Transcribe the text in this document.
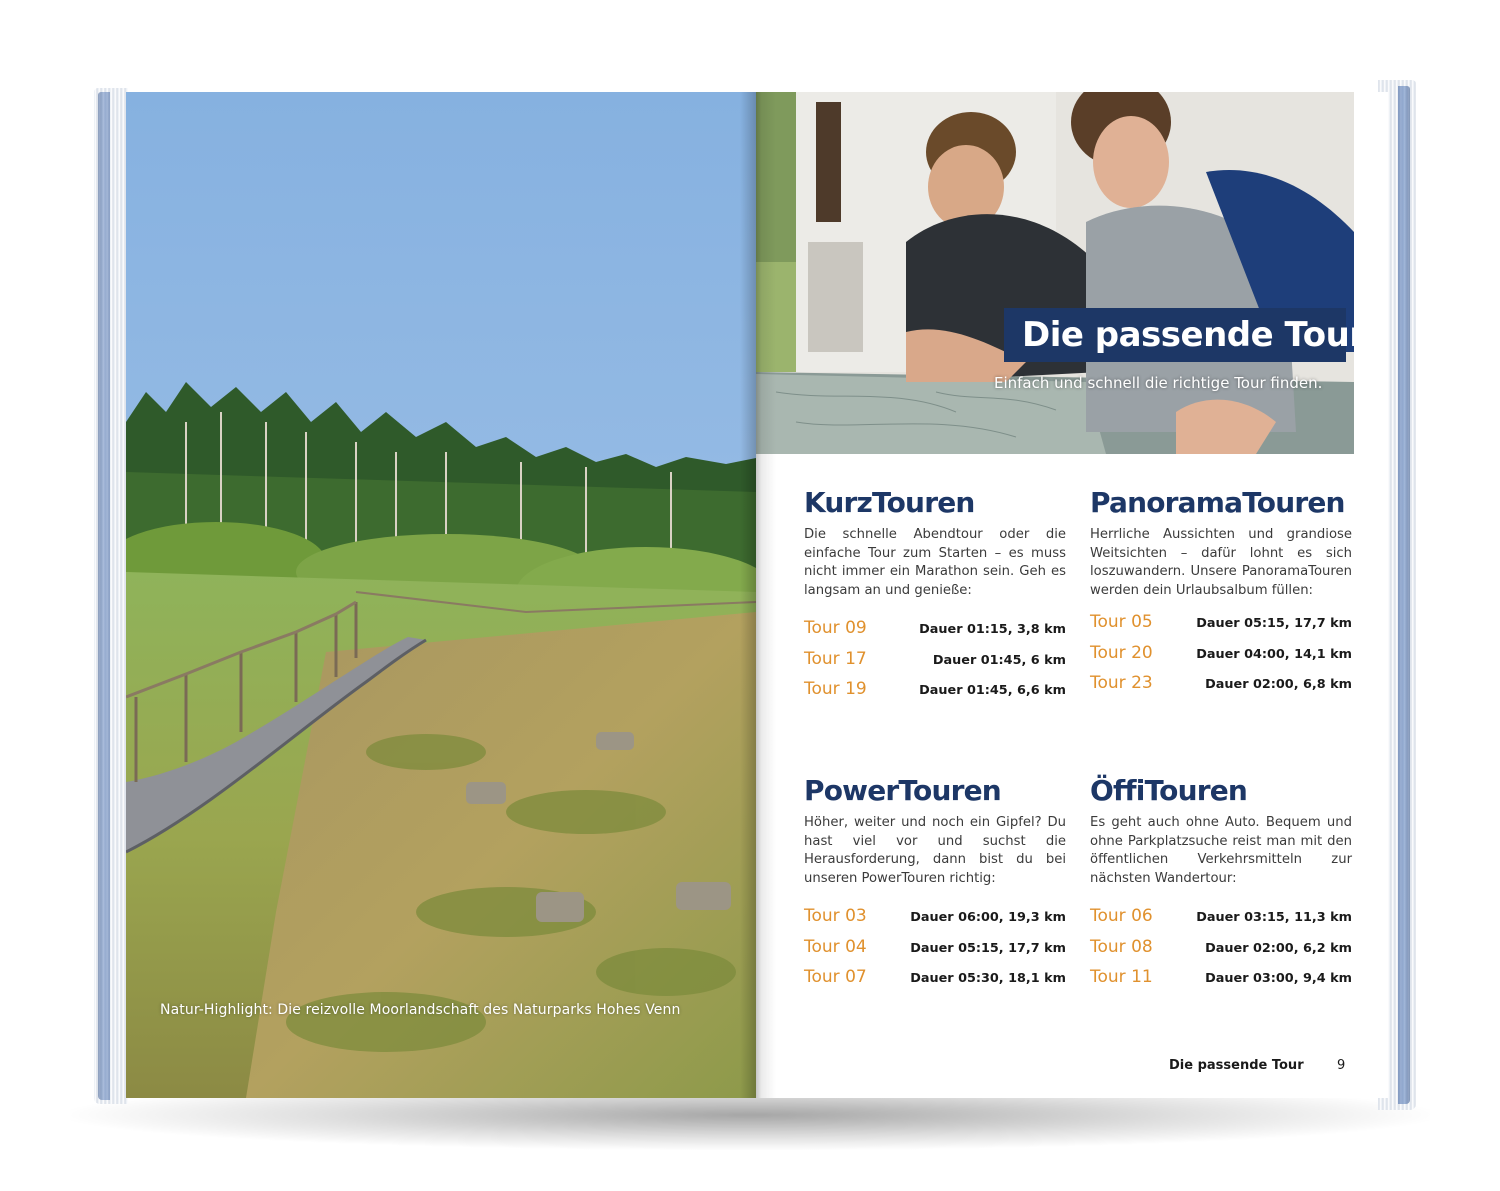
Natur-Highlight: Die reizvolle Moorlandschaft des Naturparks Hohes Venn
Die passende Tour
Einfach und schnell die richtige Tour finden.
KurzTouren

Die schnelle Abendtour oder die einfache Tour zum Starten – es muss nicht immer ein Marathon sein. Geh es langsam an und genieße:

Tour 09	Dauer 01:15, 3,8 km
Tour 17	Dauer 01:45, 6 km
Tour 19	Dauer 01:45, 6,6 km
PanoramaTouren

Herrliche Aussichten und grandiose Weitsichten – dafür lohnt es sich loszuwandern. Unsere PanoramaTouren werden dein Urlaubsalbum füllen:

Tour 05	Dauer 05:15, 17,7 km
Tour 20	Dauer 04:00, 14,1 km
Tour 23	Dauer 02:00, 6,8 km
PowerTouren

Höher, weiter und noch ein Gipfel? Du hast viel vor und suchst die Herausforderung, dann bist du bei unseren PowerTouren richtig:

Tour 03	Dauer 06:00, 19,3 km
Tour 04	Dauer 05:15, 17,7 km
Tour 07	Dauer 05:30, 18,1 km
ÖffiTouren

Es geht auch ohne Auto. Bequem und ohne Parkplatzsuche reist man mit den öffentlichen Verkehrsmitteln zur nächsten Wandertour:

Tour 06	Dauer 03:15, 11,3 km
Tour 08	Dauer 02:00, 6,2 km
Tour 11	Dauer 03:00, 9,4 km
Die passende Tour	9
